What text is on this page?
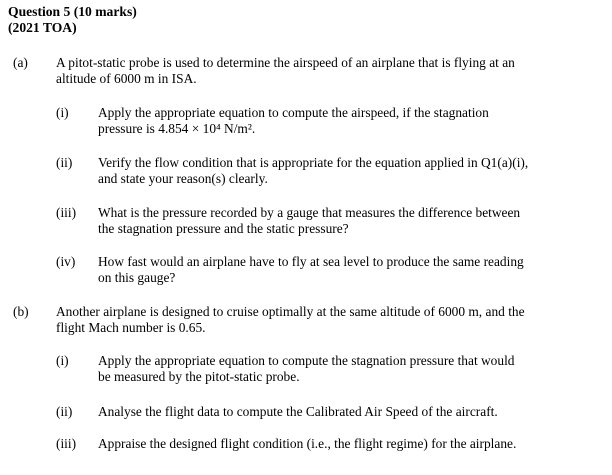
Question 5 (10 marks)
(2021 TOA)
(a) A pitot-static probe is used to determine the airspeed of an airplane that is flying at an
altitude of 6000 m in ISA.
(i) Apply the appropriate equation to compute the airspeed, if the stagnation
pressure is 4.854 × 10⁴ N/m².
(ii) Verify the flow condition that is appropriate for the equation applied in Q1(a)(i),
and state your reason(s) clearly.
(iii) What is the pressure recorded by a gauge that measures the difference between
the stagnation pressure and the static pressure?
(iv) How fast would an airplane have to fly at sea level to produce the same reading
on this gauge?
(b) Another airplane is designed to cruise optimally at the same altitude of 6000 m, and the
flight Mach number is 0.65.
(i) Apply the appropriate equation to compute the stagnation pressure that would
be measured by the pitot-static probe.
(ii) Analyse the flight data to compute the Calibrated Air Speed of the aircraft.
(iii) Appraise the designed flight condition (i.e., the flight regime) for the airplane.
